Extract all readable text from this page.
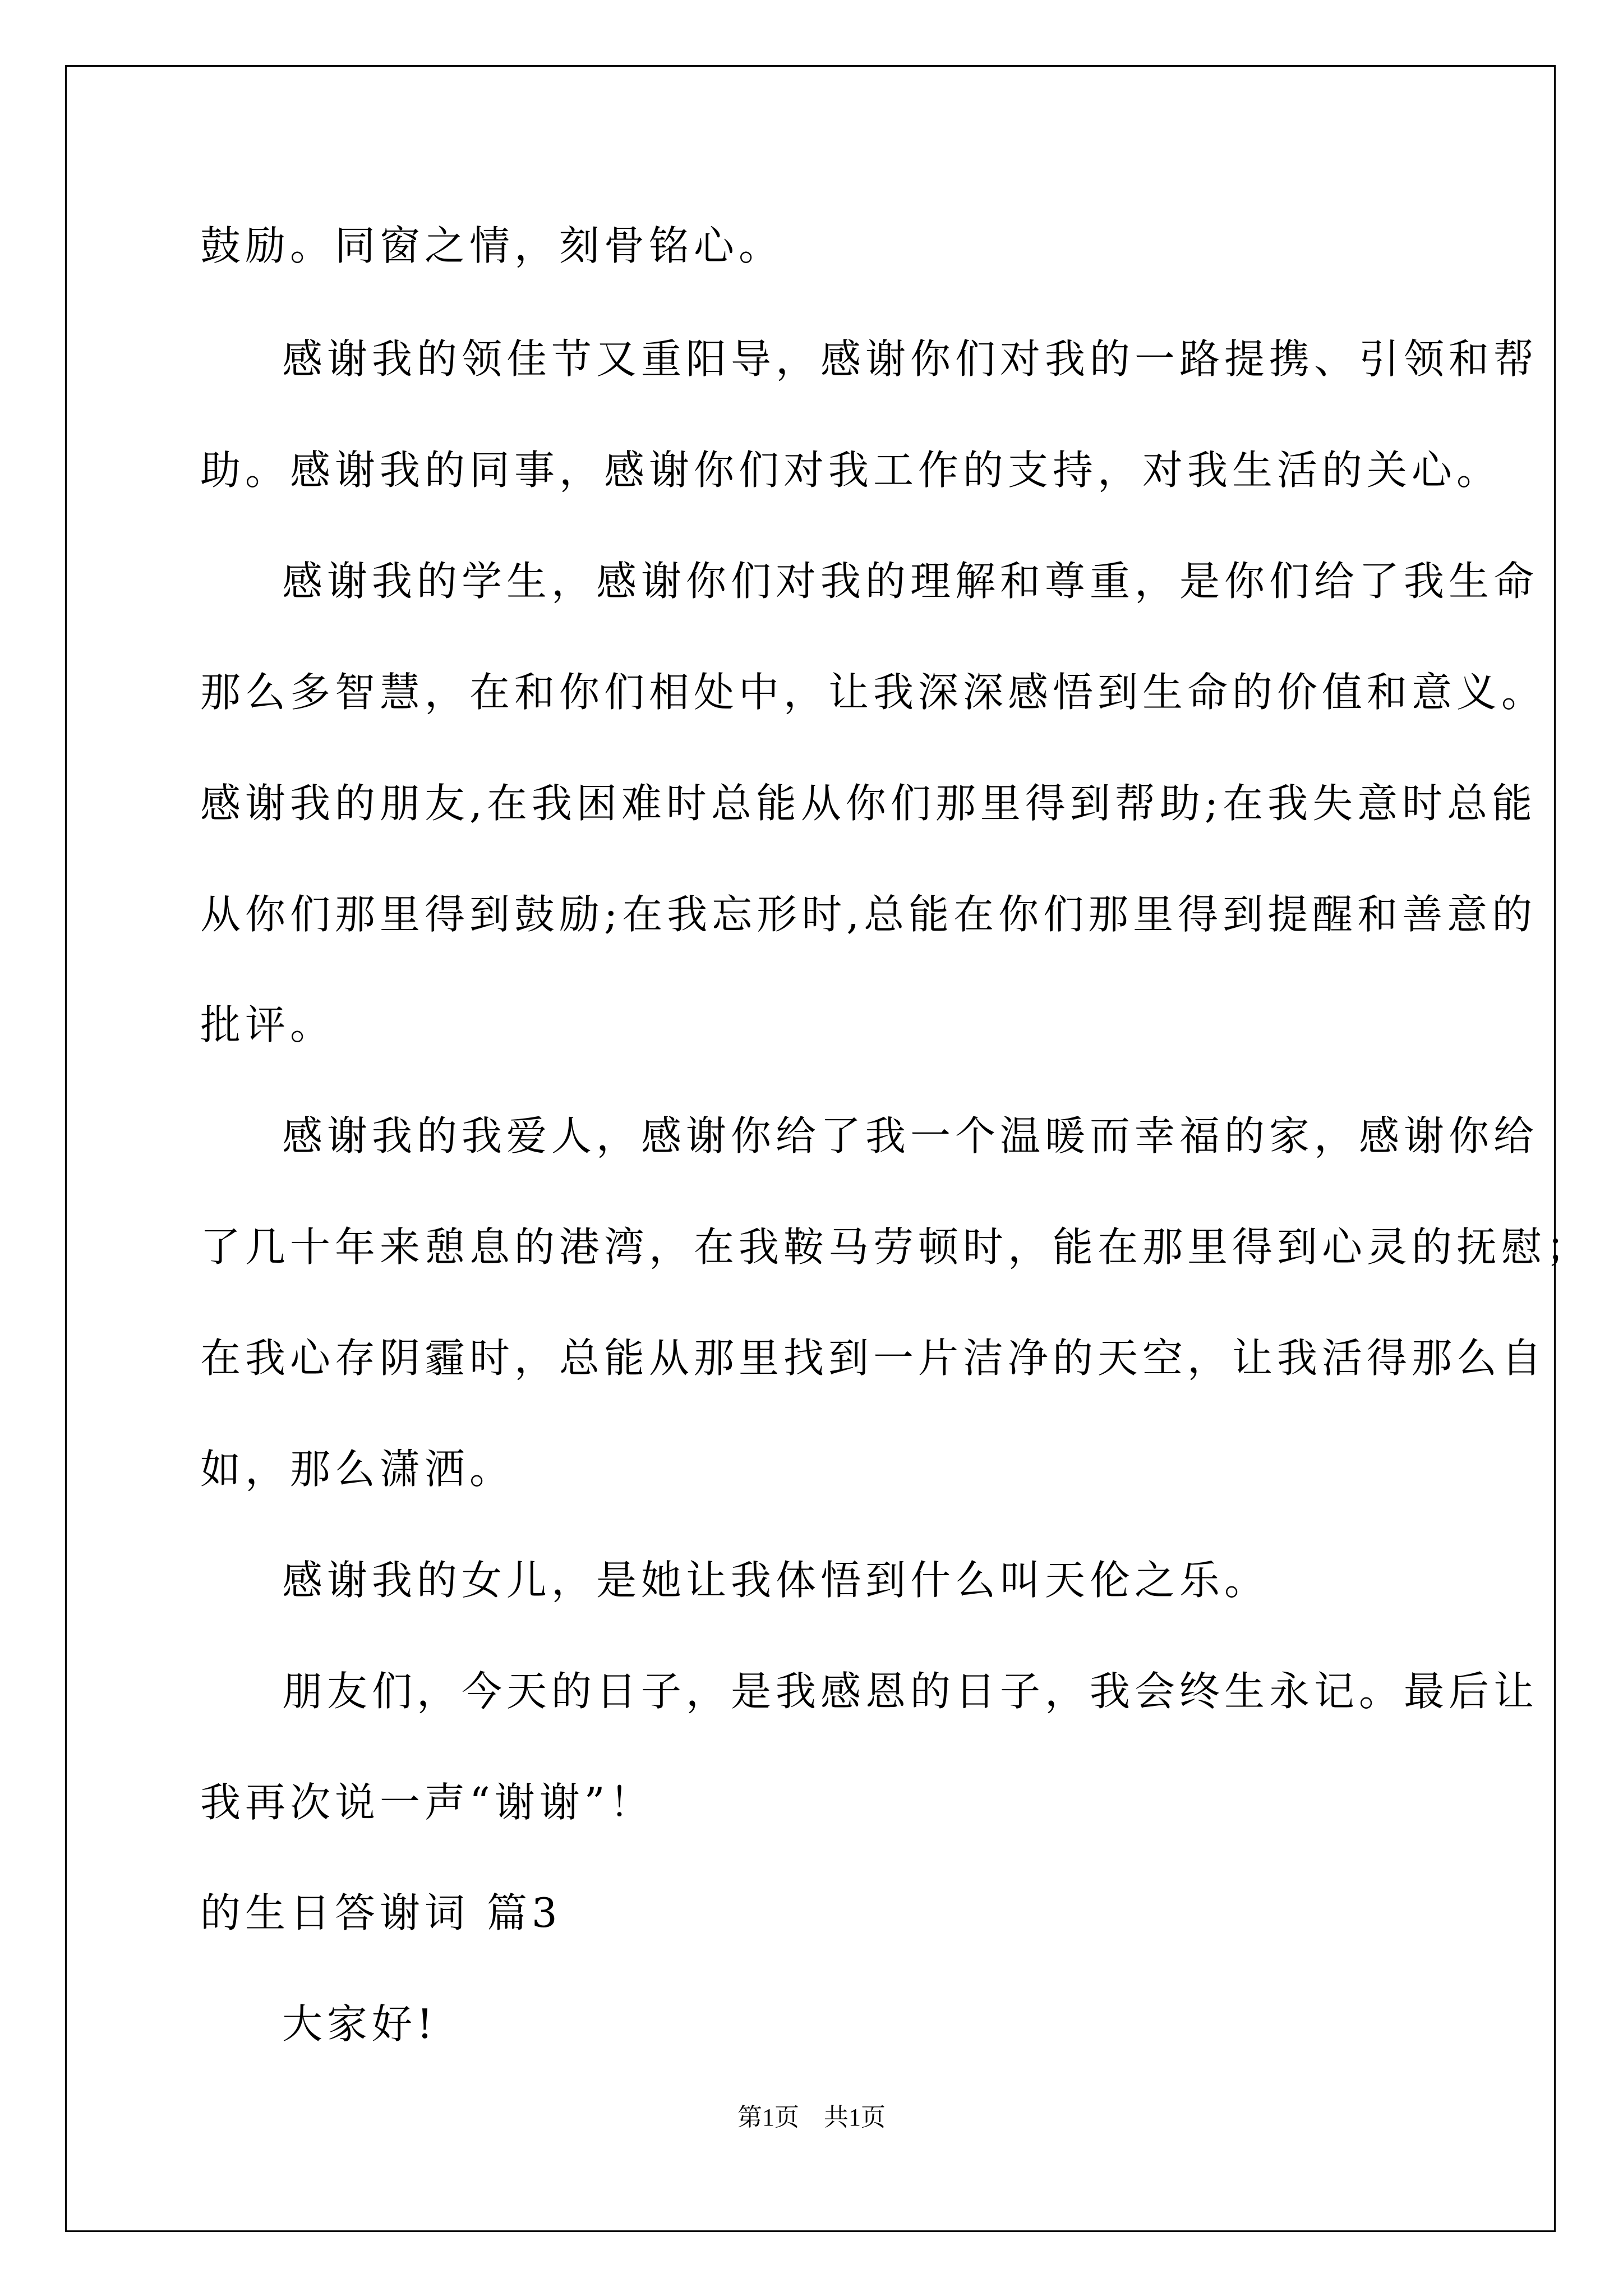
鼓励。同窗之情，刻骨铭心。
感谢我的领佳节又重阳导，感谢你们对我的一路提携、引领和帮
助。感谢我的同事，感谢你们对我工作的支持，对我生活的关心。
感谢我的学生，感谢你们对我的理解和尊重，是你们给了我生命
那么多智慧，在和你们相处中，让我深深感悟到生命的价值和意义。
感谢我的朋友,在我困难时总能从你们那里得到帮助;在我失意时总能
从你们那里得到鼓励;在我忘形时,总能在你们那里得到提醒和善意的
批评。
感谢我的我爱人，感谢你给了我一个温暖而幸福的家，感谢你给
了几十年来憩息的港湾，在我鞍马劳顿时，能在那里得到心灵的抚慰；
在我心存阴霾时，总能从那里找到一片洁净的天空，让我活得那么自
如，那么潇洒。
感谢我的女儿，是她让我体悟到什么叫天伦之乐。
朋友们，今天的日子，是我感恩的日子，我会终生永记。最后让
我再次说一声“谢谢”！
的生日答谢词 篇3
大家好!
第1页　共1页
